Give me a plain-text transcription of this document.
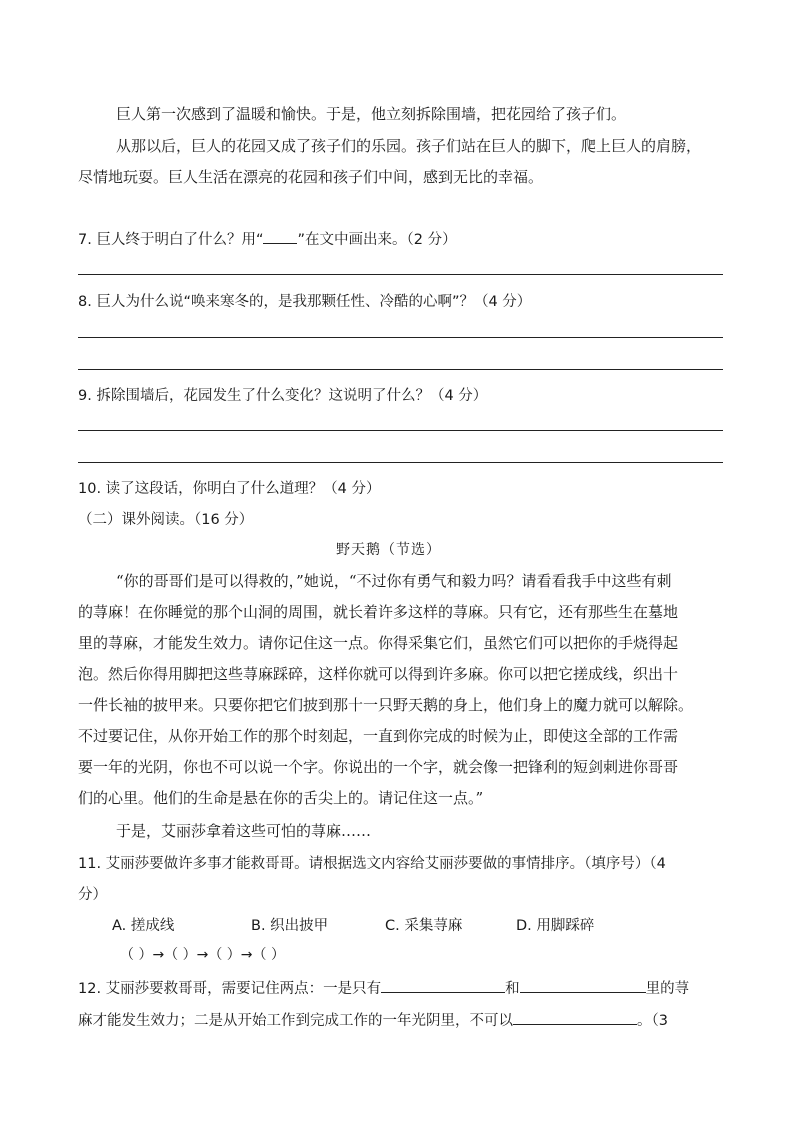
巨人第一次感到了温暖和愉快。于是，他立刻拆除围墙，把花园给了孩子们。
从那以后，巨人的花园又成了孩子们的乐园。孩子们站在巨人的脚下，爬上巨人的肩膀，
尽情地玩耍。巨人生活在漂亮的花园和孩子们中间，感到无比的幸福。
7. 巨人终于明白了什么？用“ ”在文中画出来。（2 分）
8. 巨人为什么说“唤来寒冬的，是我那颗任性、冷酷的心啊”？（4 分）
9. 拆除围墙后，花园发生了什么变化？这说明了什么？（4 分）
10. 读了这段话，你明白了什么道理？（4 分）
（二）课外阅读。（16 分）
野天鹅（节选）
“你的哥哥们是可以得救的，”她说，“不过你有勇气和毅力吗？请看看我手中这些有刺
的荨麻！在你睡觉的那个山洞的周围，就长着许多这样的荨麻。只有它，还有那些生在墓地
里的荨麻，才能发生效力。请你记住这一点。你得采集它们，虽然它们可以把你的手烧得起
泡。然后你得用脚把这些荨麻踩碎，这样你就可以得到许多麻。你可以把它搓成线，织出十
一件长袖的披甲来。只要你把它们披到那十一只野天鹅的身上，他们身上的魔力就可以解除。
不过要记住，从你开始工作的那个时刻起，一直到你完成的时候为止，即使这全部的工作需
要一年的光阴，你也不可以说一个字。你说出的一个字，就会像一把锋利的短剑刺进你哥哥
们的心里。他们的生命是悬在你的舌尖上的。请记住这一点。”
于是，艾丽莎拿着这些可怕的荨麻……
11. 艾丽莎要做许多事才能救哥哥。请根据选文内容给艾丽莎要做的事情排序。（填序号）（4
分）
A. 搓成线	B. 织出披甲	C. 采集荨麻	D. 用脚踩碎
（ ）→（ ）→（ ）→（ ）
12. 艾丽莎要救哥哥，需要记住两点：一是只有	和	里的荨
麻才能发生效力；二是从开始工作到完成工作的一年光阴里，不可以	。（3
